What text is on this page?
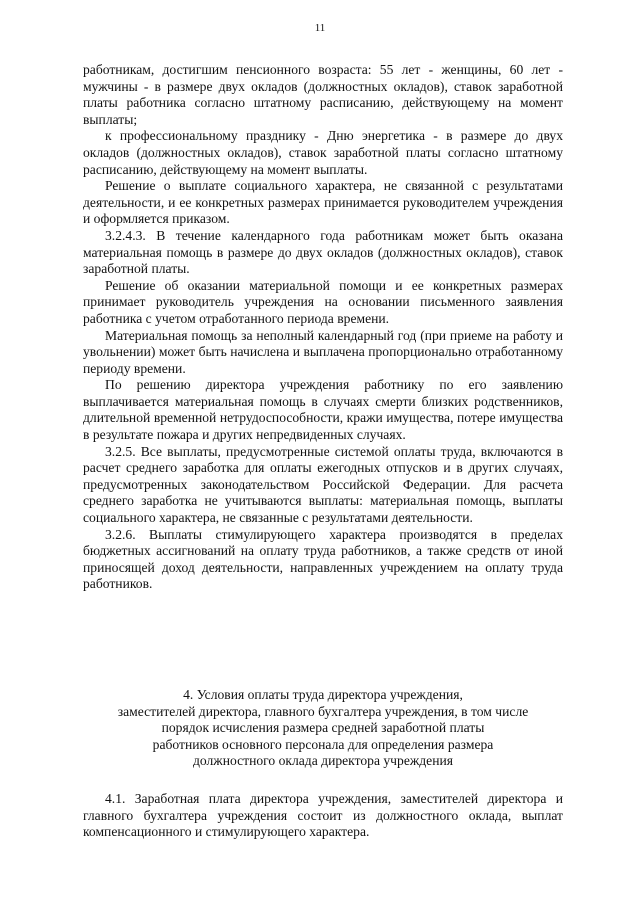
11

работникам, достигшим пенсионного возраста: 55 лет - женщины, 60 лет - мужчины - в размере двух окладов (должностных окладов), ставок заработной платы работника согласно штатному расписанию, действующему на момент выплаты;

к профессиональному празднику - Дню энергетика - в размере до двух окладов (должностных окладов), ставок заработной платы согласно штатному расписанию, действующему на момент выплаты.

Решение о выплате социального характера, не связанной с результатами деятельности, и ее конкретных размерах принимается руководителем учреждения и оформляется приказом.

3.2.4.3. В течение календарного года работникам может быть оказана материальная помощь в размере до двух окладов (должностных окладов), ставок заработной платы.

Решение об оказании материальной помощи и ее конкретных размерах принимает руководитель учреждения на основании письменного заявления работника с учетом отработанного периода времени.

Материальная помощь за неполный календарный год (при приеме на работу и увольнении) может быть начислена и выплачена пропорционально отработанному периоду времени.

По решению директора учреждения работнику по его заявлению выплачивается материальная помощь в случаях смерти близких родственников, длительной временной нетрудоспособности, кражи имущества, потере имущества в результате пожара и других непредвиденных случаях.

3.2.5. Все выплаты, предусмотренные системой оплаты труда, включаются в расчет среднего заработка для оплаты ежегодных отпусков и в других случаях, предусмотренных законодательством Российской Федерации. Для расчета среднего заработка не учитываются выплаты: материальная помощь, выплаты социального характера, не связанные с результатами деятельности.

3.2.6. Выплаты стимулирующего характера производятся в пределах бюджетных ассигнований на оплату труда работников, а также средств от иной приносящей доход деятельности, направленных учреждением на оплату труда работников.

4. Условия оплаты труда директора учреждения,
заместителей директора, главного бухгалтера учреждения, в том числе
порядок исчисления размера средней заработной платы
работников основного персонала для определения размера
должностного оклада директора учреждения

4.1. Заработная плата директора учреждения, заместителей директора и главного бухгалтера учреждения состоит из должностного оклада, выплат компенсационного и стимулирующего характера.
